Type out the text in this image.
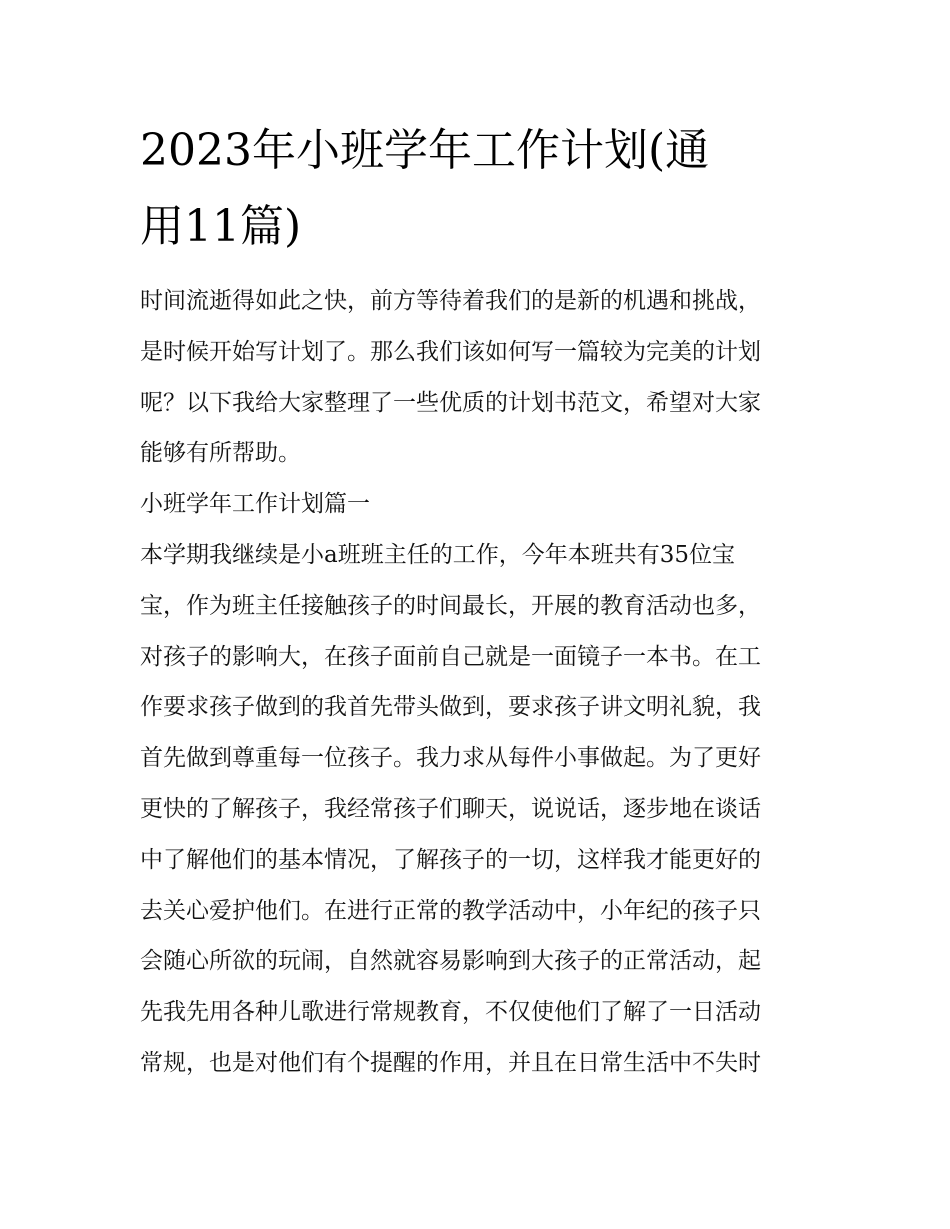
2023年小班学年工作计划(通
用11篇)
时间流逝得如此之快，前方等待着我们的是新的机遇和挑战，
是时候开始写计划了。那么我们该如何写一篇较为完美的计划
呢？以下我给大家整理了一些优质的计划书范文，希望对大家
能够有所帮助。
小班学年工作计划篇一
本学期我继续是小a班班主任的工作，今年本班共有35位宝
宝，作为班主任接触孩子的时间最长，开展的教育活动也多，
对孩子的影响大，在孩子面前自己就是一面镜子一本书。在工
作要求孩子做到的我首先带头做到，要求孩子讲文明礼貌，我
首先做到尊重每一位孩子。我力求从每件小事做起。为了更好
更快的了解孩子，我经常孩子们聊天，说说话，逐步地在谈话
中了解他们的基本情况，了解孩子的一切，这样我才能更好的
去关心爱护他们。在进行正常的教学活动中，小年纪的孩子只
会随心所欲的玩闹，自然就容易影响到大孩子的正常活动，起
先我先用各种儿歌进行常规教育，不仅使他们了解了一日活动
常规，也是对他们有个提醒的作用，并且在日常生活中不失时
